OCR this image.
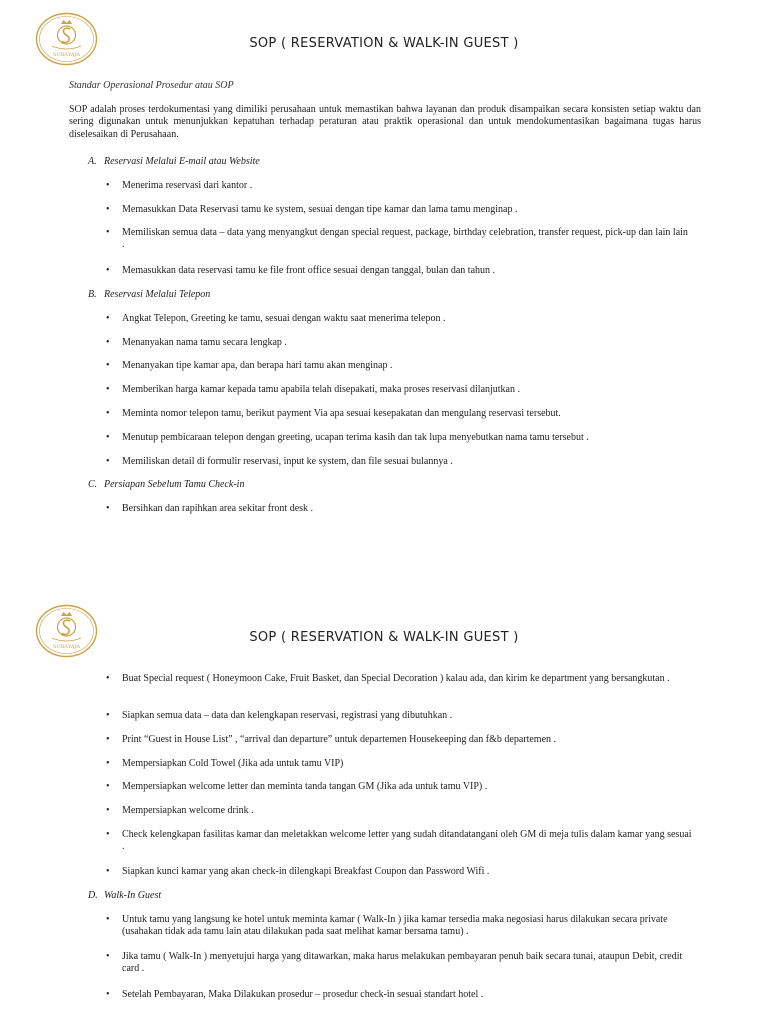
SURAYAJA
SOP ( RESERVATION & WALK-IN GUEST )
Standar Operasional Prosedur atau SOP
SOP adalah proses terdokumentasi yang dimiliki perusahaan untuk memastikan bahwa layanan dan produk disampaikan secara konsisten setiap waktu dan sering digunakan untuk menunjukkan kepatuhan terhadap peraturan atau praktik operasional dan untuk mendokumentasikan bagaimana tugas harus diselesaikan di Perusahaan.
A. Reservasi Melalui E-mail atau Website
•	Menerima reservasi dari kantor .
•	Memasukkan Data Reservasi tamu ke system, sesuai dengan tipe kamar dan lama tamu menginap .
•	Memiliskan semua data – data yang menyangkut dengan special request, package, birthday celebration, transfer request, pick-up dan lain lain .
•	Memasukkan data reservasi tamu ke file front office sesuai dengan tanggal, bulan dan tahun .
B. Reservasi Melalui Telepon
•	Angkat Telepon, Greeting ke tamu, sesuai dengan waktu saat menerima telepon .
•	Menanyakan nama tamu secara lengkap .
•	Menanyakan tipe kamar apa, dan berapa hari tamu akan menginap .
•	Memberikan harga kamar kepada tamu apabila telah disepakati, maka proses reservasi dilanjutkan .
•	Meminta nomor telepon tamu, berikut payment Via apa sesuai kesepakatan dan mengulang reservasi tersebut.
•	Menutup pembicaraan telepon dengan greeting, ucapan terima kasih dan tak lupa menyebutkan nama tamu tersebut .
•	Memiliskan detail di formulir reservasi, input ke system, dan file sesuai bulannya .
C. Persiapan Sebelum Tamu Check-in
•	Bersihkan dan rapihkan area sekitar front desk .
SURAYAJA
SOP ( RESERVATION & WALK-IN GUEST )
•	Buat Special request ( Honeymoon Cake, Fruit Basket, dan Special Decoration ) kalau ada, dan kirim ke department yang bersangkutan .
•	Siapkan semua data – data dan kelengkapan reservasi, registrasi yang dibutuhkan .
•	Print “Guest in House List” , “arrival dan departure” untuk departemen Housekeeping dan f&b departemen .
•	Mempersiapkan Cold Towel (Jika ada untuk tamu VIP)
•	Mempersiapkan welcome letter dan meminta tanda tangan GM (Jika ada untuk tamu VIP) .
•	Mempersiapkan welcome drink .
•	Check kelengkapan fasilitas kamar dan meletakkan welcome letter yang sudah ditandatangani oleh GM di meja tulis dalam kamar yang sesuai .
•	Siapkan kunci kamar yang akan check-in dilengkapi Breakfast Coupon dan Password Wifi .
D. Walk-In Guest
•	Untuk tamu yang langsung ke hotel untuk meminta kamar ( Walk-In ) jika kamar tersedia maka negosiasi harus dilakukan secara private (usahakan tidak ada tamu lain atau dilakukan pada saat melihat kamar bersama tamu) .
•	Jika tamu ( Walk-In ) menyetujui harga yang ditawarkan, maka harus melakukan pembayaran penuh baik secara tunai, ataupun Debit, credit card .
•	Setelah Pembayaran, Maka Dilakukan prosedur – prosedur check-in sesuai standart hotel .
